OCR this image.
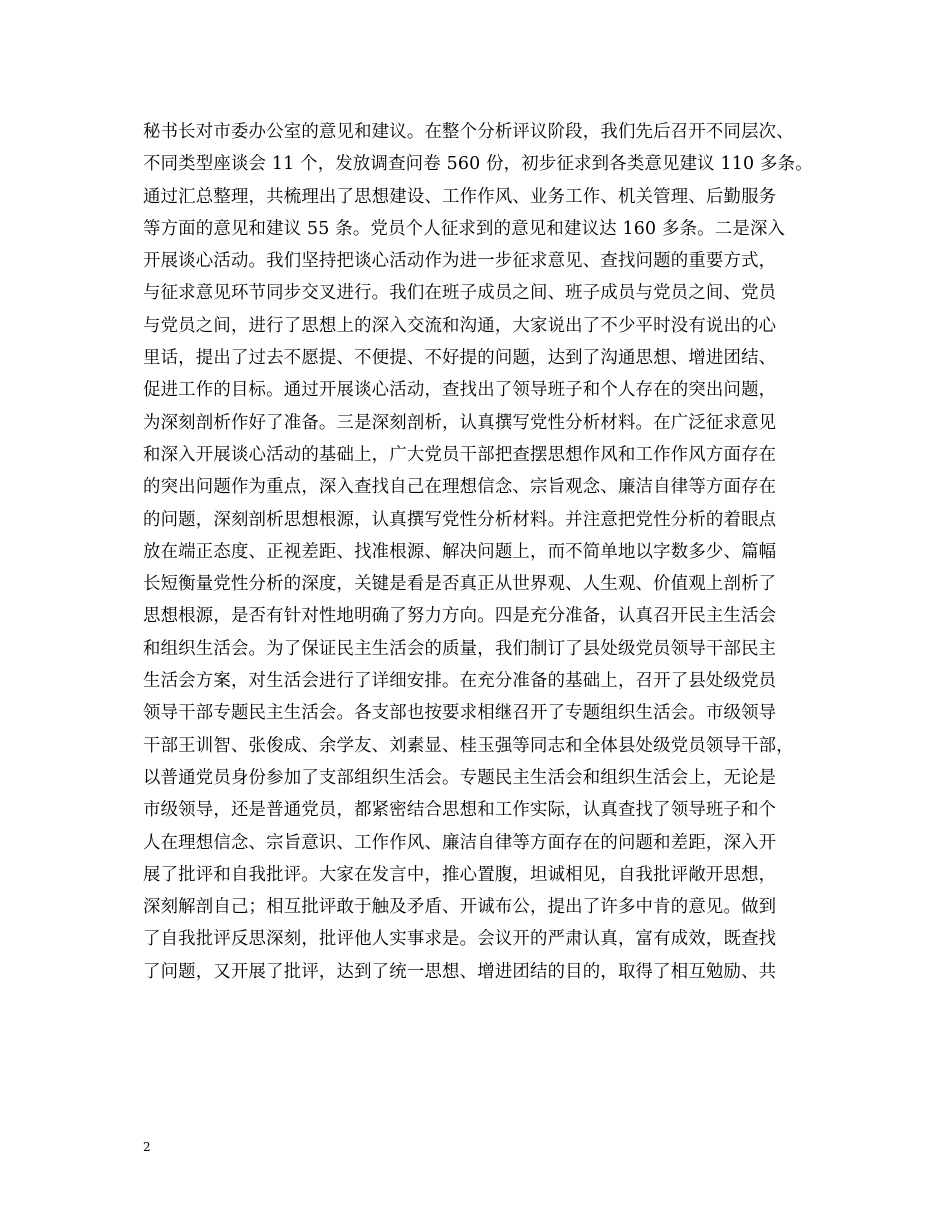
秘书长对市委办公室的意见和建议。在整个分析评议阶段，我们先后召开不同层次、
不同类型座谈会 11 个，发放调查问卷 560 份，初步征求到各类意见建议 110 多条。
通过汇总整理，共梳理出了思想建设、工作作风、业务工作、机关管理、后勤服务
等方面的意见和建议 55 条。党员个人征求到的意见和建议达 160 多条。二是深入
开展谈心活动。我们坚持把谈心活动作为进一步征求意见、查找问题的重要方式，
与征求意见环节同步交叉进行。我们在班子成员之间、班子成员与党员之间、党员
与党员之间，进行了思想上的深入交流和沟通，大家说出了不少平时没有说出的心
里话，提出了过去不愿提、不便提、不好提的问题，达到了沟通思想、增进团结、
促进工作的目标。通过开展谈心活动，查找出了领导班子和个人存在的突出问题，
为深刻剖析作好了准备。三是深刻剖析，认真撰写党性分析材料。在广泛征求意见
和深入开展谈心活动的基础上，广大党员干部把查摆思想作风和工作作风方面存在
的突出问题作为重点，深入查找自己在理想信念、宗旨观念、廉洁自律等方面存在
的问题，深刻剖析思想根源，认真撰写党性分析材料。并注意把党性分析的着眼点
放在端正态度、正视差距、找准根源、解决问题上，而不简单地以字数多少、篇幅
长短衡量党性分析的深度，关键是看是否真正从世界观、人生观、价值观上剖析了
思想根源，是否有针对性地明确了努力方向。四是充分准备，认真召开民主生活会
和组织生活会。为了保证民主生活会的质量，我们制订了县处级党员领导干部民主
生活会方案，对生活会进行了详细安排。在充分准备的基础上，召开了县处级党员
领导干部专题民主生活会。各支部也按要求相继召开了专题组织生活会。市级领导
干部王训智、张俊成、余学友、刘素显、桂玉强等同志和全体县处级党员领导干部，
以普通党员身份参加了支部组织生活会。专题民主生活会和组织生活会上，无论是
市级领导，还是普通党员，都紧密结合思想和工作实际，认真查找了领导班子和个
人在理想信念、宗旨意识、工作作风、廉洁自律等方面存在的问题和差距，深入开
展了批评和自我批评。大家在发言中，推心置腹，坦诚相见，自我批评敞开思想，
深刻解剖自己；相互批评敢于触及矛盾、开诚布公，提出了许多中肯的意见。做到
了自我批评反思深刻，批评他人实事求是。会议开的严肃认真，富有成效，既查找
了问题，又开展了批评，达到了统一思想、增进团结的目的，取得了相互勉励、共
2
